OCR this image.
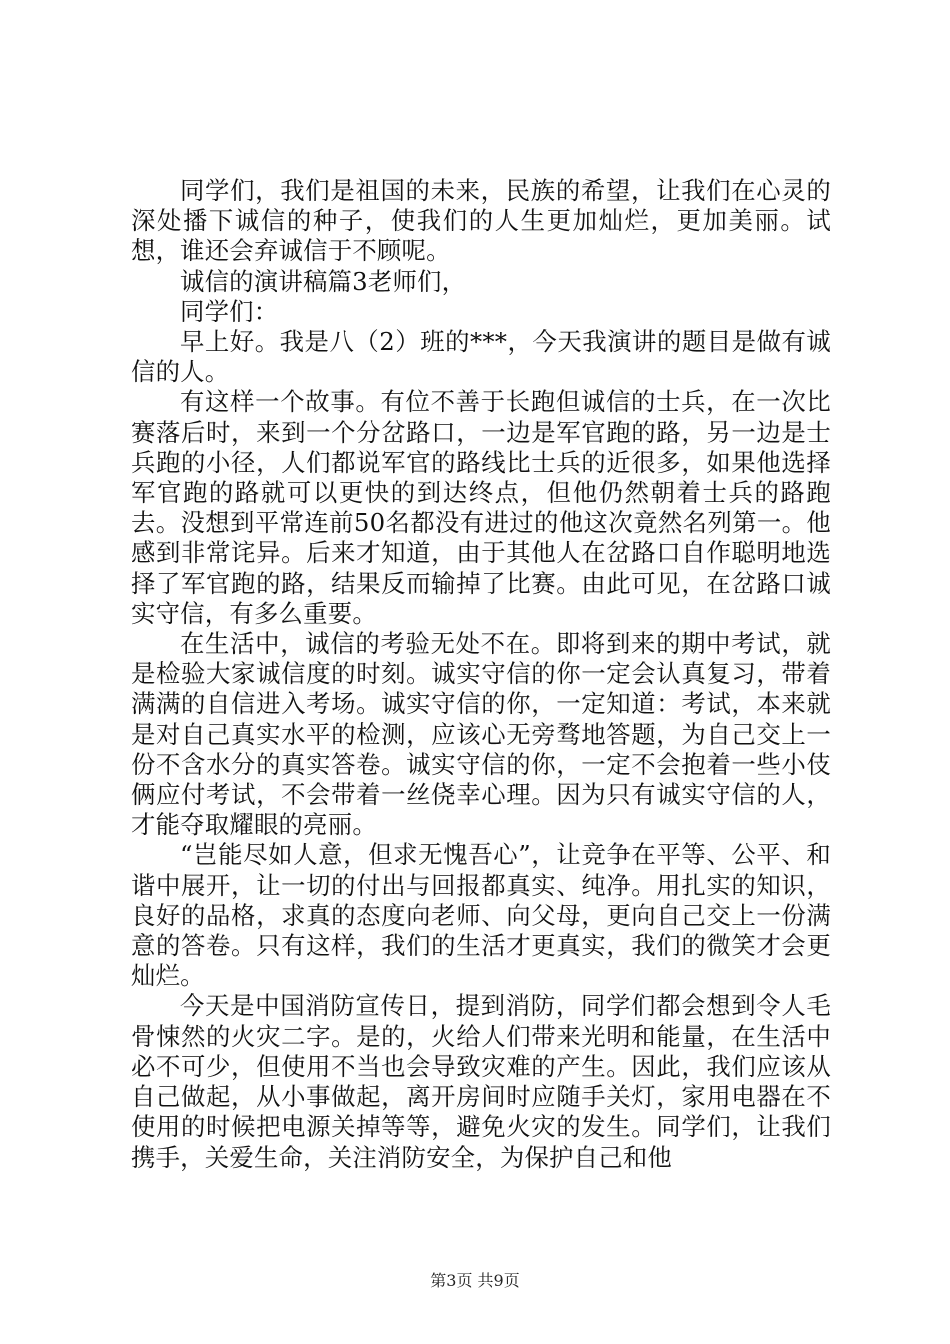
同学们，我们是祖国的未来，民族的希望，让我们在心灵的深处播下诚信的种子，使我们的人生更加灿烂，更加美丽。试想，谁还会弃诚信于不顾呢。

诚信的演讲稿篇3老师们，

同学们：

早上好。我是八（2）班的***，今天我演讲的题目是做有诚信的人。

有这样一个故事。有位不善于长跑但诚信的士兵，在一次比赛落后时，来到一个分岔路口，一边是军官跑的路，另一边是士兵跑的小径，人们都说军官的路线比士兵的近很多，如果他选择军官跑的路就可以更快的到达终点，但他仍然朝着士兵的路跑去。没想到平常连前50名都没有进过的他这次竟然名列第一。他感到非常诧异。后来才知道，由于其他人在岔路口自作聪明地选择了军官跑的路，结果反而输掉了比赛。由此可见，在岔路口诚实守信，有多么重要。

在生活中，诚信的考验无处不在。即将到来的期中考试，就是检验大家诚信度的时刻。诚实守信的你一定会认真复习，带着满满的自信进入考场。诚实守信的你，一定知道：考试，本来就是对自己真实水平的检测，应该心无旁骛地答题，为自己交上一份不含水分的真实答卷。诚实守信的你，一定不会抱着一些小伎俩应付考试，不会带着一丝侥幸心理。因为只有诚实守信的人，才能夺取耀眼的亮丽。

“岂能尽如人意，但求无愧吾心”，让竞争在平等、公平、和谐中展开，让一切的付出与回报都真实、纯净。用扎实的知识，良好的品格，求真的态度向老师、向父母，更向自己交上一份满意的答卷。只有这样，我们的生活才更真实，我们的微笑才会更灿烂。

今天是中国消防宣传日，提到消防，同学们都会想到令人毛骨悚然的火灾二字。是的，火给人们带来光明和能量，在生活中必不可少，但使用不当也会导致灾难的产生。因此，我们应该从自己做起，从小事做起，离开房间时应随手关灯，家用电器在不使用的时候把电源关掉等等，避免火灾的发生。同学们，让我们携手，关爱生命，关注消防安全，为保护自己和他

第3页 共9页
